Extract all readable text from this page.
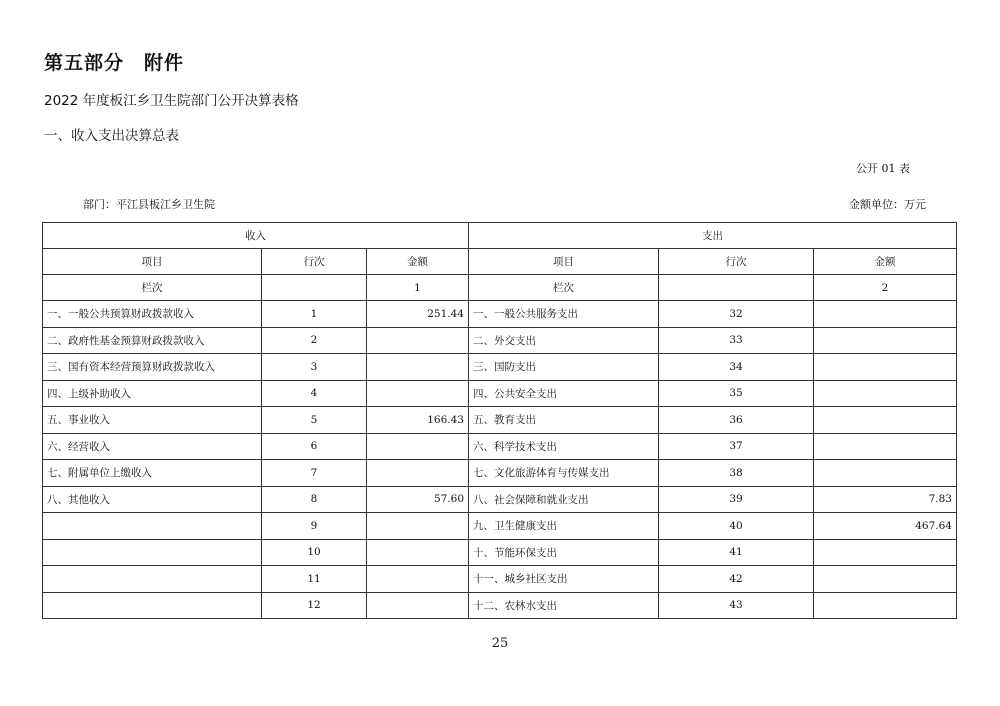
第五部分　附件
2022 年度板江乡卫生院部门公开决算表格
一、收入支出决算总表
公开 01 表
部门：平江县板江乡卫生院	金额单位：万元
收入			支出		
项目	行次	金额	项目	行次	金额
栏次		1	栏次		2
一、一般公共预算财政拨款收入	1	251.44	一、一般公共服务支出	32	
二、政府性基金预算财政拨款收入	2		二、外交支出	33	
三、国有资本经营预算财政拨款收入	3		三、国防支出	34	
四、上级补助收入	4		四、公共安全支出	35	
五、事业收入	5	166.43	五、教育支出	36	
六、经营收入	6		六、科学技术支出	37	
七、附属单位上缴收入	7		七、文化旅游体育与传媒支出	38	
八、其他收入	8	57.60	八、社会保障和就业支出	39	7.83
	9		九、卫生健康支出	40	467.64
	10		十、节能环保支出	41	
	11		十一、城乡社区支出	42	
	12		十二、农林水支出	43	
25
